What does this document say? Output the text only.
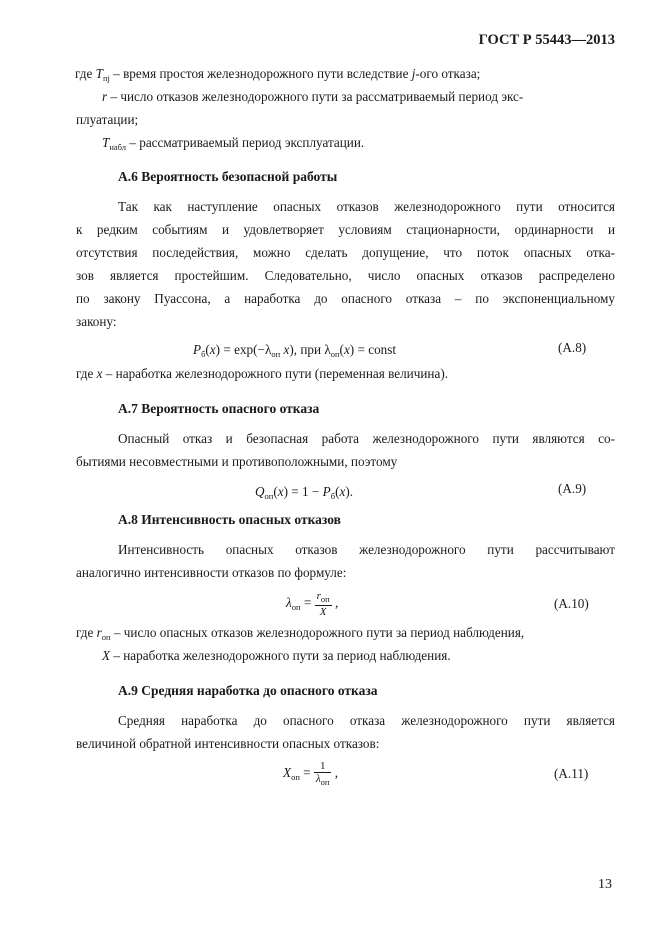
ГОСТ Р 55443—2013
где $T_{пj}$ – время простоя железнодорожного пути вследствие j-ого отказа;
r – число отказов железнодорожного пути за рассматриваемый период экс-
плуатации;
$T_{набл}$ – рассматриваемый период эксплуатации.
А.6 Вероятность безопасной работы
Так как наступление опасных отказов железнодорожного пути относится
к редким событиям и удовлетворяет условиям стационарности, ординарности и
отсутствия последействия, можно сделать допущение, что поток опасных отка-
зов является простейшим. Следовательно, число опасных отказов распределено
по закону Пуассона, а наработка до опасного отказа – по экспоненциальному
закону:
$P_б(x) = \exp(-\lambda_{оп}$ x), при $\lambda_{оп}(x)$ = const	(А.8)
где x – наработка железнодорожного пути (переменная величина).
А.7 Вероятность опасного отказа
Опасный отказ и безопасная работа железнодорожного пути являются со-
бытиями несовместными и противоположными, поэтому
$Q_{оп}(x) = 1 - P_б(x)$.	(А.9)
А.8 Интенсивность опасных отказов
Интенсивность опасных отказов железнодорожного пути рассчитывают
аналогично интенсивности отказов по формуле:
$\lambda_{оп} = \frac{r_{оп}}{X}$ ,	(А.10)
где $r_{оп}$ – число опасных отказов железнодорожного пути за период наблюдения,
X – наработка железнодорожного пути за период наблюдения.
А.9 Средняя наработка до опасного отказа
Средняя наработка до опасного отказа железнодорожного пути является
величиной обратной интенсивности опасных отказов:
$X_{оп} = \frac{1}{\lambda_{оп}}$ ,	(А.11)
13
